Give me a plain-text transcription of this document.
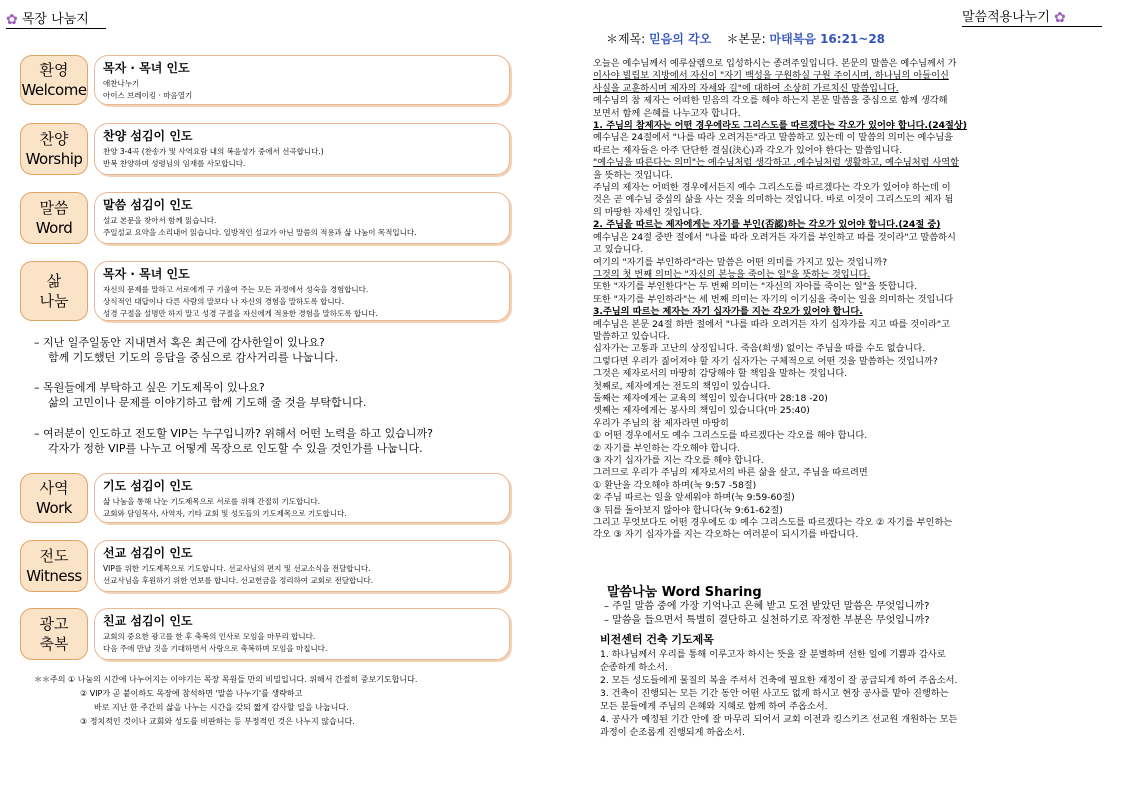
✿ 목장 나눔지	말씀적용나누기 ✿
환영
Welcome
목자 · 목녀 인도
애찬나누기
아이스 브레이킹 · 마음열기
찬양
Worship
찬양 섬김이 인도
찬양 3-4곡 (찬송가 및 사역요람 내의 복음성가 중에서 선곡합니다.)
반복 찬양하며 성령님의 임재를 사모합니다.
말씀
Word
말씀 섬김이 인도
설교 본문을 찾아서 함께 읽습니다.
주일설교 요약을 소리내어 읽습니다. 일방적인 설교가 아닌 말씀의 적용과 삶 나눔이 목적입니다.
삶
나눔
목자 · 목녀 인도
자신의 문제를 말하고 서로에게 구 기울여 주는 모든 과정에서 성숙을 경험합니다.
상식적인 대답이나 다른 사람의 말보다 나 자신의 경험을 말하도록 합니다.
성경 구절을 설명만 하지 말고 성경 구절을 자신에게 적용한 경험을 말하도록 합니다.
– 지난 일주일동안 지내면서 혹은 최근에 감사한일이 있나요?
함께 기도했던 기도의 응답을 중심으로 감사거리를 나눕니다.
– 목원들에게 부탁하고 싶은 기도제목이 있나요?
삶의 고민이나 문제를 이야기하고 함께 기도해 줄 것을 부탁합니다.
– 여러분이 인도하고 전도할 VIP는 누구입니까? 위해서 어떤 노력을 하고 있습니까?
각자가 정한 VIP를 나누고 어떻게 목장으로 인도할 수 있을 것인가를 나눕니다.
사역
Work
기도 섬김이 인도
삶 나눔을 통해 나눈 기도제목으로 서로를 위해 간절히 기도합니다.
교회와 담임목사, 사역자, 기타 교회 및 성도들의 기도제목으로 기도합니다.
전도
Witness
선교 섬김이 인도
VIP를 위한 기도제목으로 기도합니다. 선교사님의 편지 및 선교소식을 전달합니다.
선교사님을 후원하기 위한 연보를 합니다. 선교헌금을 정리하여 교회로 전달합니다.
광고
축복
친교 섬김이 인도
교회의 중요한 광고를 한 후 축복의 인사로 모임을 마무리 합니다.
다음 주에 만날 것을 기대하면서 사랑으로 축복하며 모임을 마칩니다.
＊＊주의 ① 나눔의 시간에 나누어지는 이야기는 목장 목원들 만의 비밀입니다. 위해서 간절히 중보기도합니다.
② VIP가 곧 붙이하도 목장에 참석하면 '말씀 나누기'를 생략하고
바로 지난 한 주간의 삶을 나누는 시간을 갖되 짧게 감사할 일을 나눕니다.
③ 정치적인 것이나 교회와 성도를 비판하는 등 부정적인 것은 나누지 않습니다.
＊제목: 믿음의 각오 ＊본문: 마태복음 16:21~28

오늘은 예수님께서 예루살렘으로 입성하시는 종려주일입니다. 본문의 말씀은 예수님께서 가

이사야 빌립보 지방에서 자신이 "자기 백성을 구원하실 구원 주이시며, 하나님의 아들이신

사실을 교훈하시며 제자의 자세와 길"에 대하여 소상히 가르치신 말씀입니다.

예수님의 참 제자는 어떠한 믿음의 각오를 해야 하는지 본문 말씀을 중심으로 함께 생각해

보면서 함께 은혜를 나누고자 합니다.

1. 주님의 참제자는 어떤 경우에라도 그리스도를 따르겠다는 각오가 있어야 합니다.(24절상)

예수님은 24절에서 "나를 따라 오려거든"라고 말씀하고 있는데 이 말씀의 의미는 예수님을

따르는 제자들은 아주 단단한 결심(決心)과 각오가 있어야 한다는 말씀입니다.

"예수님을 따른다는 의미"는 예수님처럼 생각하고 ,예수님처럼 생활하고, 예수님처럼 사역함

을 뜻하는 것입니다.

주님의 제자는 어떠한 경우에서든지 예수 그리스도를 따르겠다는 각오가 있어야 하는데 이

것은 곧 예수님 중심의 삶을 사는 것을 의미하는 것입니다. 바로 이것이 그리스도의 제자 됨

의 마땅한 자세인 것입니다.

2. 주님을 따르는 제자에게는 자기를 부인(否認)하는 각오가 있어야 합니다.(24절 중)

예수님은 24절 중반 절에서 "나를 따라 오려거든 자기를 부인하고 따를 것이라"고 말씀하시

고 있습니다.

여기의 "자기를 부인하라"라는 말씀은 어떤 의미를 가지고 있는 것입니까?

그것의 첫 번째 의미는 "자신의 본능을 죽이는 일"을 뜻하는 것입니다.

또한 "자기를 부인한다"는 두 번째 의미는 "자신의 자아를 죽이는 일"을 뜻합니다.

또한 "자기를 부인하라"는 세 번째 의미는 자기의 이기심을 죽이는 일을 의미하는 것입니다

3.주님의 따르는 제자는 자기 십자가를 지는 각오가 있어야 합니다.

예수님은 본문 24절 하반 절에서 "나를 따라 오려거든 자기 십자가를 지고 따를 것이라"고

말씀하고 있습니다.

십자가는 고통과 고난의 상징입니다. 죽음(희생) 없이는 주님을 따를 수도 없습니다.

그렇다면 우리가 짊어져야 할 자기 십자가는 구체적으로 어떤 것을 말씀하는 것입니까?

그것은 제자로서의 마땅히 감당해야 할 책임을 말하는 것입니다.

첫째로, 제자에게는 전도의 책임이 있습니다.

둘째는 제자에게는 교육의 책임이 있습니다(마 28:18 -20)

셋째는 제자에게는 봉사의 책임이 있습니다(마 25:40)

우리가 주님의 참 제자라면 마땅히

① 어떤 경우에서도 예수 그리스도를 따르겠다는 각오를 해야 합니다.

② 자기를 부인하는 각오해야 합니다.

③ 자기 십자가를 지는 각오를 해야 합니다.

그러므로 우리가 주님의 제자로서의 바른 삶을 살고, 주님을 따르려면

① 환난을 각오해야 하며(눅 9:57 -58절)

② 주님 따르는 일을 앞세워야 하며(눅 9:59-60절)

③ 뒤를 돌아보지 않아야 합니다(눅 9:61-62절)

그리고 무엇보다도 어떤 경우에도 ① 예수 그리스도를 따르겠다는 각오 ② 자기를 부인하는

각오 ③ 자기 십자가를 지는 각오하는 여러분이 되시기를 바랍니다.

말씀나눔 Word Sharing

– 주일 말씀 중에 가장 기억나고 은혜 받고 도전 받았던 말씀은 무엇입니까?

– 말씀을 들으면서 특별히 결단하고 실천하기로 작정한 부분은 무엇입니까?

비전센터 건축 기도제목

1. 하나님께서 우리를 통해 이루고자 하시는 뜻을 잘 분별하며 선한 일에 기쁨과 감사로

순종하게 하소서.

2. 모든 성도들에게 물질의 복을 주셔서 건축에 필요한 재정이 잘 공급되게 하여 주옵소서.

3. 건축이 진행되는 모든 기간 동안 어떤 사고도 없게 하시고 현장 공사를 맡아 진행하는

모든 분들에게 주님의 은혜와 지혜로 함께 하여 주옵소서.

4. 공사가 예정된 기간 안에 잘 마무리 되어서 교회 이전과 킹스키즈 선교원 개원하는 모든

과정이 순조롭게 진행되게 하옵소서.
